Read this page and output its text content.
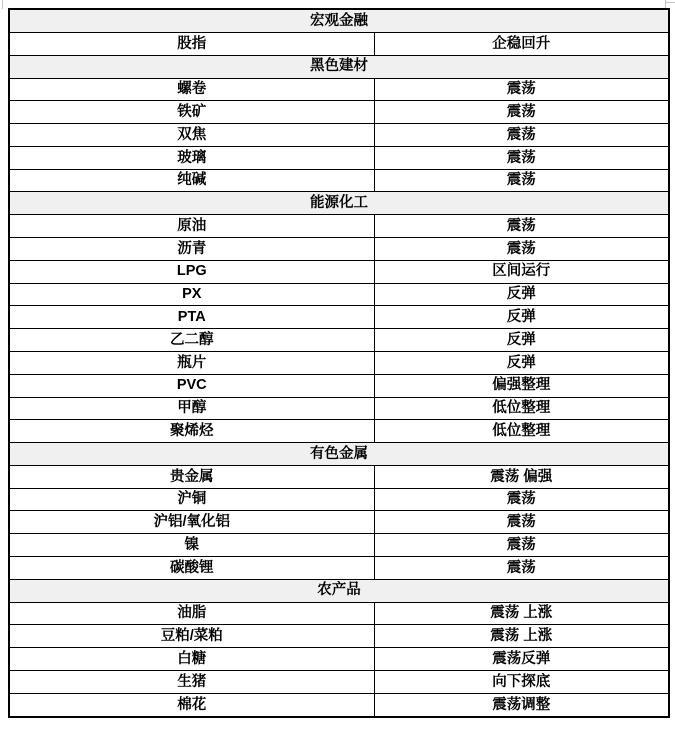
宏观金融	
股指	企稳回升
黑色建材	
螺卷	震荡
铁矿	震荡
双焦	震荡
玻璃	震荡
纯碱	震荡
能源化工	
原油	震荡
沥青	震荡
LPG	区间运行
PX	反弹
PTA	反弹
乙二醇	反弹
瓶片	反弹
PVC	偏强整理
甲醇	低位整理
聚烯烃	低位整理
有色金属	
贵金属	震荡 偏强
沪铜	震荡
沪铝/氧化铝	震荡
镍	震荡
碳酸锂	震荡
农产品	
油脂	震荡 上涨
豆粕/菜粕	震荡 上涨
白糖	震荡反弹
生猪	向下探底
棉花	震荡调整
